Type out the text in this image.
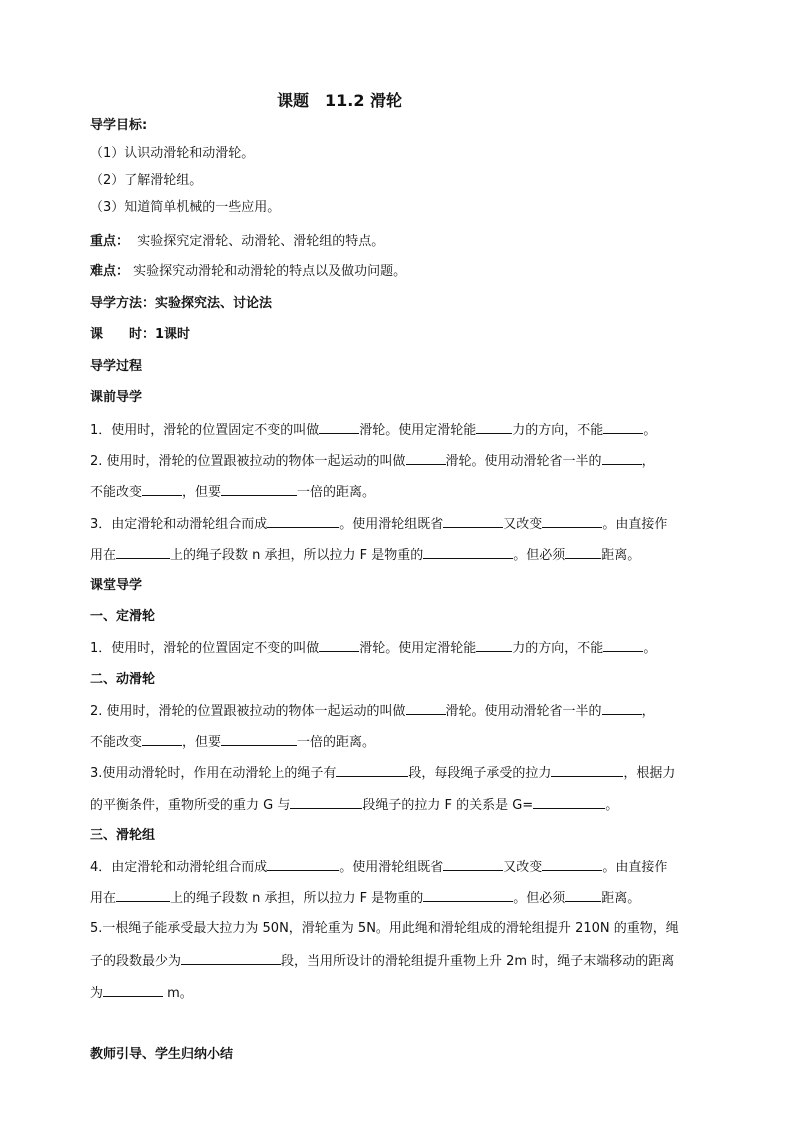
课题　11.2 滑轮
导学目标:
（1）认识动滑轮和动滑轮。
（2）了解滑轮组。
（3）知道简单机械的一些应用。
重点： 实验探究定滑轮、动滑轮、滑轮组的特点。
难点： 实验探究动滑轮和动滑轮的特点以及做功问题。
导学方法：实验探究法、讨论法
课　　时：1课时
导学过程
课前导学
1．使用时，滑轮的位置固定不变的叫做	滑轮。使用定滑轮能	力的方向，不能	。
2. 使用时，滑轮的位置跟被拉动的物体一起运动的叫做	滑轮。使用动滑轮省一半的	，
不能改变	，但要	一倍的距离。
3．由定滑轮和动滑轮组合而成	。使用滑轮组既省	又改变	。由直接作
用在	上的绳子段数 n 承担，所以拉力 F 是物重的	。但必须	距离。
课堂导学
一、定滑轮
1．使用时，滑轮的位置固定不变的叫做	滑轮。使用定滑轮能	力的方向，不能	。
二、动滑轮
2. 使用时，滑轮的位置跟被拉动的物体一起运动的叫做	滑轮。使用动滑轮省一半的	，
不能改变	，但要	一倍的距离。
3.使用动滑轮时，作用在动滑轮上的绳子有	段，每段绳子承受的拉力	，根据力
的平衡条件，重物所受的重力 G 与	段绳子的拉力 F 的关系是 G=	。
三、滑轮组
4．由定滑轮和动滑轮组合而成	。使用滑轮组既省	又改变	。由直接作
用在	上的绳子段数 n 承担，所以拉力 F 是物重的	。但必须	距离。
5.一根绳子能承受最大拉力为 50N，滑轮重为 5N。用此绳和滑轮组成的滑轮组提升 210N 的重物，绳
子的段数最少为	段，当用所设计的滑轮组提升重物上升 2m 时，绳子末端移动的距离
为	m。
教师引导、学生归纳小结
